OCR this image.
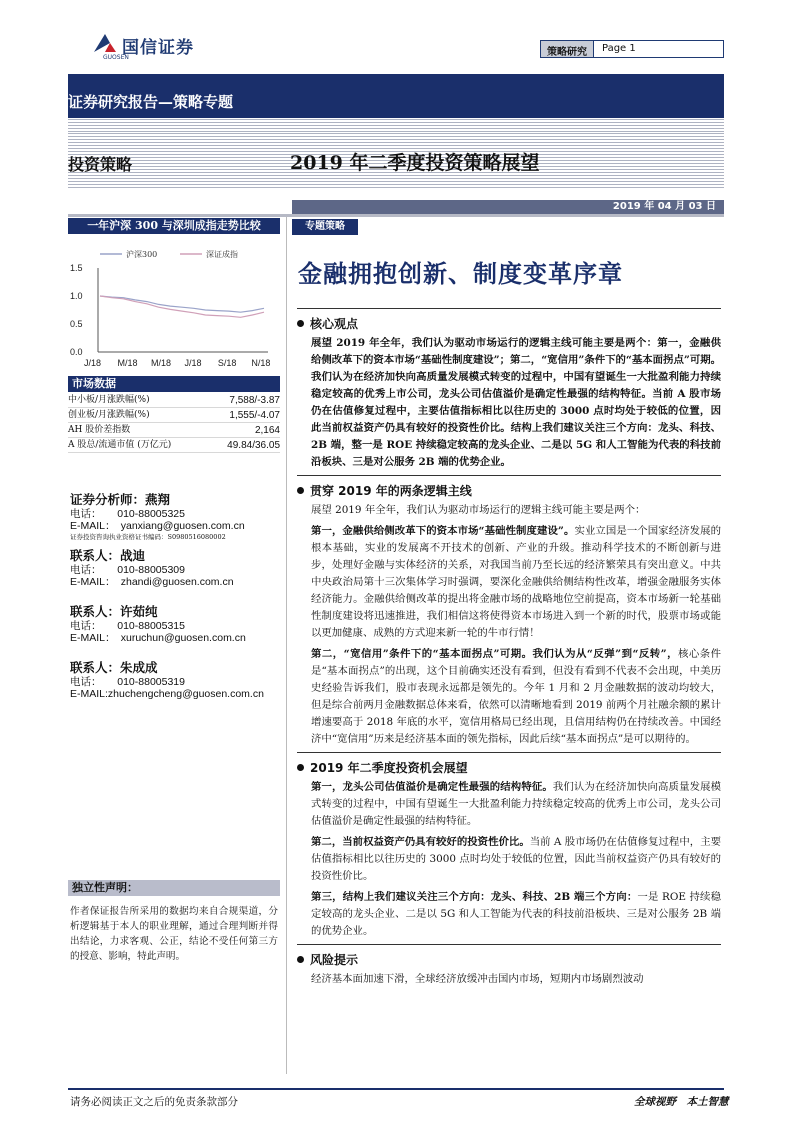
国信证券
GUOSEN	策略研究	Page 1
证券研究报告—策略专题
投资策略	2019 年二季度投资策略展望
2019 年 04 月 03 日
一年沪深 300 与深圳成指走势比较
1.5
1.0
0.5
0.0
J/18 M/18 M/18 J/18 S/18 N/18
沪深300	深证成指
市场数据
中小板/月涨跌幅(%)	7,588/-3.87
创业板/月涨跌幅(%)	1,555/-4.07
AH 股价差指数	2,164
A 股总/流通市值 (万亿元)	49.84/36.05
证券分析师：燕翔
电话：　　010-88005325
E-MAIL：　yanxiang@guosen.com.cn
证券投资咨询执业资格证书编码：S0980516080002
联系人：战迪
电话：　　010-88005309
E-MAIL：　zhandi@guosen.com.cn
联系人：许茹纯
电话：　　010-88005315
E-MAIL：　xuruchun@guosen.com.cn
联系人：朱成成
电话：　　010-88005319
E-MAIL:zhuchengcheng@guosen.com.cn
独立性声明：
作者保证报告所采用的数据均来自合规渠道，分析逻辑基于本人的职业理解，通过合理判断并得出结论，力求客观、公正，结论不受任何第三方的授意、影响，特此声明。
专题策略
金融拥抱创新、制度变革序章
核心观点
展望 2019 年全年，我们认为驱动市场运行的逻辑主线可能主要是两个：第一，金融供给侧改革下的资本市场“基础性制度建设”；第二，“宽信用”条件下的“基本面拐点”可期。我们认为在经济加快向高质量发展模式转变的过程中，中国有望诞生一大批盈利能力持续稳定较高的优秀上市公司，龙头公司估值溢价是确定性最强的结构特征。当前 A 股市场仍在估值修复过程中，主要估值指标相比以往历史的 3000 点时均处于较低的位置，因此当前权益资产仍具有较好的投资性价比。结构上我们建议关注三个方向：龙头、科技、2B 端，整一是 ROE 持续稳定较高的龙头企业、二是以 5G 和人工智能为代表的科技前沿板块、三是对公服务 2B 端的优势企业。
贯穿 2019 年的两条逻辑主线
展望 2019 年全年，我们认为驱动市场运行的逻辑主线可能主要是两个：
第一，金融供给侧改革下的资本市场“基础性制度建设”。实业立国是一个国家经济发展的根本基础，实业的发展离不开技术的创新、产业的升级。推动科学技术的不断创新与进步，处理好金融与实体经济的关系，对我国当前乃至长远的经济繁荣具有突出意义。中共中央政治局第十三次集体学习时强调，要深化金融供给侧结构性改革，增强金融服务实体经济能力。金融供给侧改革的提出将金融市场的战略地位空前提高，资本市场新一轮基础性制度建设将迅速推进，我们相信这将使得资本市场进入到一个新的时代，股票市场或能以更加健康、成熟的方式迎来新一轮的牛市行情！
第二，“宽信用”条件下的“基本面拐点”可期。我们认为从“反弹”到“反转”，核心条件是“基本面拐点”的出现，这个目前确实还没有看到，但没有看到不代表不会出现，中美历史经验告诉我们，股市表现永远都是领先的。今年 1 月和 2 月金融数据的波动均较大，但是综合前两月金融数据总体来看，依然可以清晰地看到 2019 前两个月社融余额的累计增速要高于 2018 年底的水平，宽信用格局已经出现，且信用结构仍在持续改善。中国经济中“宽信用”历来是经济基本面的领先指标，因此后续“基本面拐点”是可以期待的。
2019 年二季度投资机会展望
第一，龙头公司估值溢价是确定性最强的结构特征。我们认为在经济加快向高质量发展模式转变的过程中，中国有望诞生一大批盈利能力持续稳定较高的优秀上市公司，龙头公司估值溢价是确定性最强的结构特征。
第二，当前权益资产仍具有较好的投资性价比。当前 A 股市场仍在估值修复过程中，主要估值指标相比以往历史的 3000 点时均处于较低的位置，因此当前权益资产仍具有较好的投资性价比。
第三，结构上我们建议关注三个方向：龙头、科技、2B 端三个方向：一是 ROE 持续稳定较高的龙头企业、二是以 5G 和人工智能为代表的科技前沿板块、三是对公服务 2B 端的优势企业。
风险提示
经济基本面加速下滑，全球经济放缓冲击国内市场，短期内市场剧烈波动
请务必阅读正文之后的免责条款部分	全球视野　本土智慧
